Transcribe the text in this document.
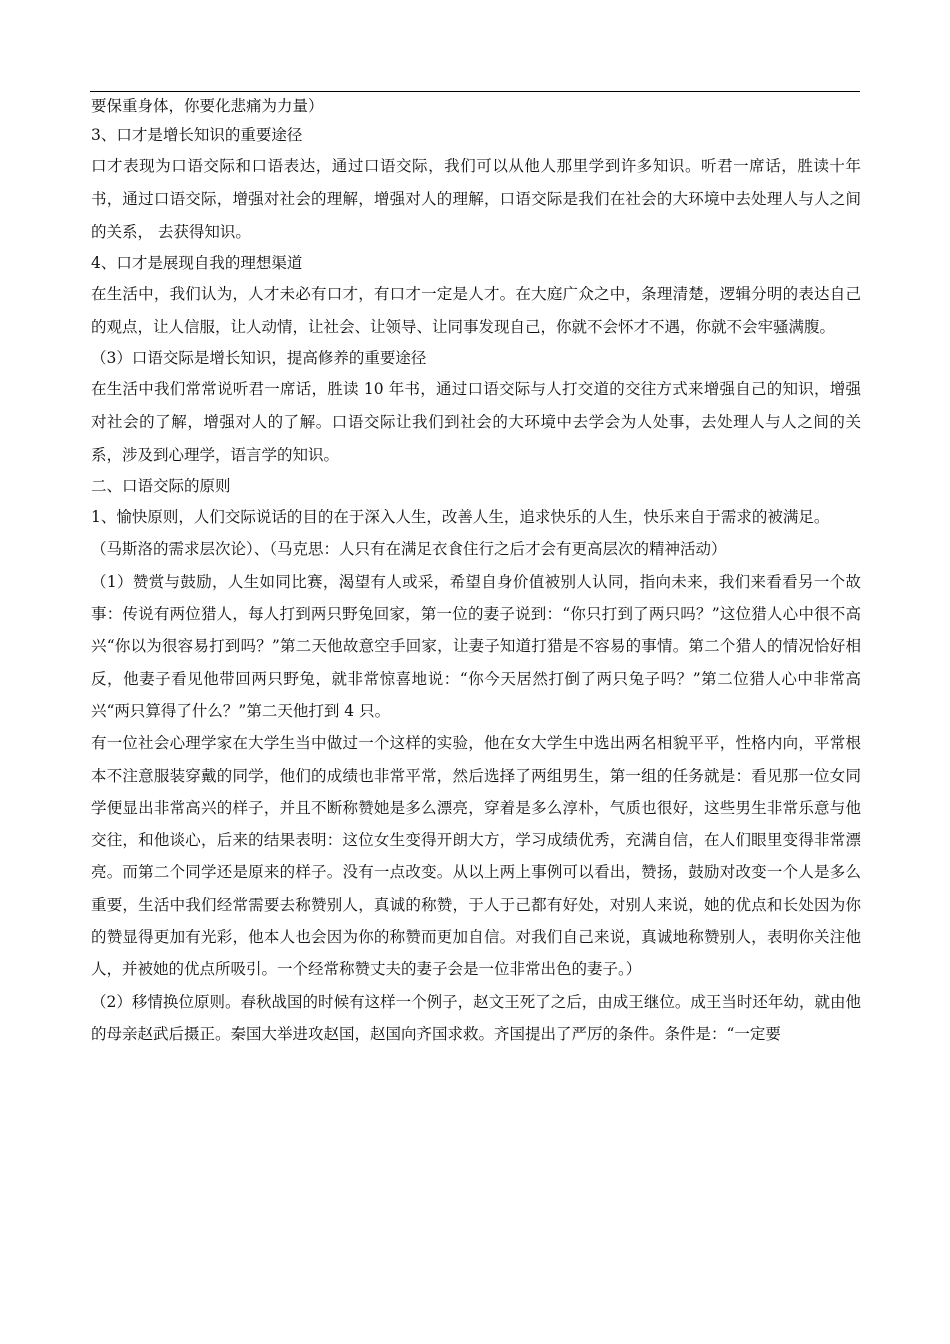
要保重身体，你要化悲痛为力量）
3、口才是增长知识的重要途径

口才表现为口语交际和口语表达，通过口语交际，我们可以从他人那里学到许多知识。听君一席话，胜读十年书，通过口语交际，增强对社会的理解，增强对人的理解，口语交际是我们在社会的大环境中去处理人与人之间的关系， 去获得知识。

4、口才是展现自我的理想渠道

在生活中，我们认为，人才未必有口才，有口才一定是人才。在大庭广众之中，条理清楚，逻辑分明的表达自己的观点，让人信服，让人动情，让社会、让领导、让同事发现自己，你就不会怀才不遇，你就不会牢骚满腹。

（3）口语交际是增长知识，提高修养的重要途径

在生活中我们常常说听君一席话，胜读 10 年书，通过口语交际与人打交道的交往方式来增强自己的知识，增强对社会的了解，增强对人的了解。口语交际让我们到社会的大环境中去学会为人处事，去处理人与人之间的关系，涉及到心理学，语言学的知识。

二、口语交际的原则

1、愉快原则，人们交际说话的目的在于深入人生，改善人生，追求快乐的人生，快乐来自于需求的被满足。

（马斯洛的需求层次论）、（马克思：人只有在满足衣食住行之后才会有更高层次的精神活动）

（1）赞赏与鼓励，人生如同比赛，渴望有人或采，希望自身价值被别人认同，指向未来，我们来看看另一个故事：传说有两位猎人，每人打到两只野兔回家，第一位的妻子说到：“你只打到了两只吗？”这位猎人心中很不高兴“你以为很容易打到吗？”第二天他故意空手回家，让妻子知道打猎是不容易的事情。第二个猎人的情况恰好相反，他妻子看见他带回两只野兔，就非常惊喜地说：“你今天居然打倒了两只兔子吗？”第二位猎人心中非常高兴“两只算得了什么？”第二天他打到 4 只。

有一位社会心理学家在大学生当中做过一个这样的实验，他在女大学生中选出两名相貌平平，性格内向，平常根本不注意服装穿戴的同学，他们的成绩也非常平常，然后选择了两组男生，第一组的任务就是：看见那一位女同学便显出非常高兴的样子，并且不断称赞她是多么漂亮，穿着是多么淳朴，气质也很好，这些男生非常乐意与他交往，和他谈心，后来的结果表明：这位女生变得开朗大方，学习成绩优秀，充满自信，在人们眼里变得非常漂亮。而第二个同学还是原来的样子。没有一点改变。从以上两上事例可以看出，赞扬，鼓励对改变一个人是多么重要，生活中我们经常需要去称赞别人，真诚的称赞，于人于己都有好处，对别人来说，她的优点和长处因为你的赞显得更加有光彩，他本人也会因为你的称赞而更加自信。对我们自己来说，真诚地称赞别人，表明你关注他人，并被她的优点所吸引。一个经常称赞丈夫的妻子会是一位非常出色的妻子。）

（2）移情换位原则。春秋战国的时候有这样一个例子，赵文王死了之后，由成王继位。成王当时还年幼，就由他的母亲赵武后摄正。秦国大举进攻赵国，赵国向齐国求救。齐国提出了严厉的条件。条件是：“一定要
